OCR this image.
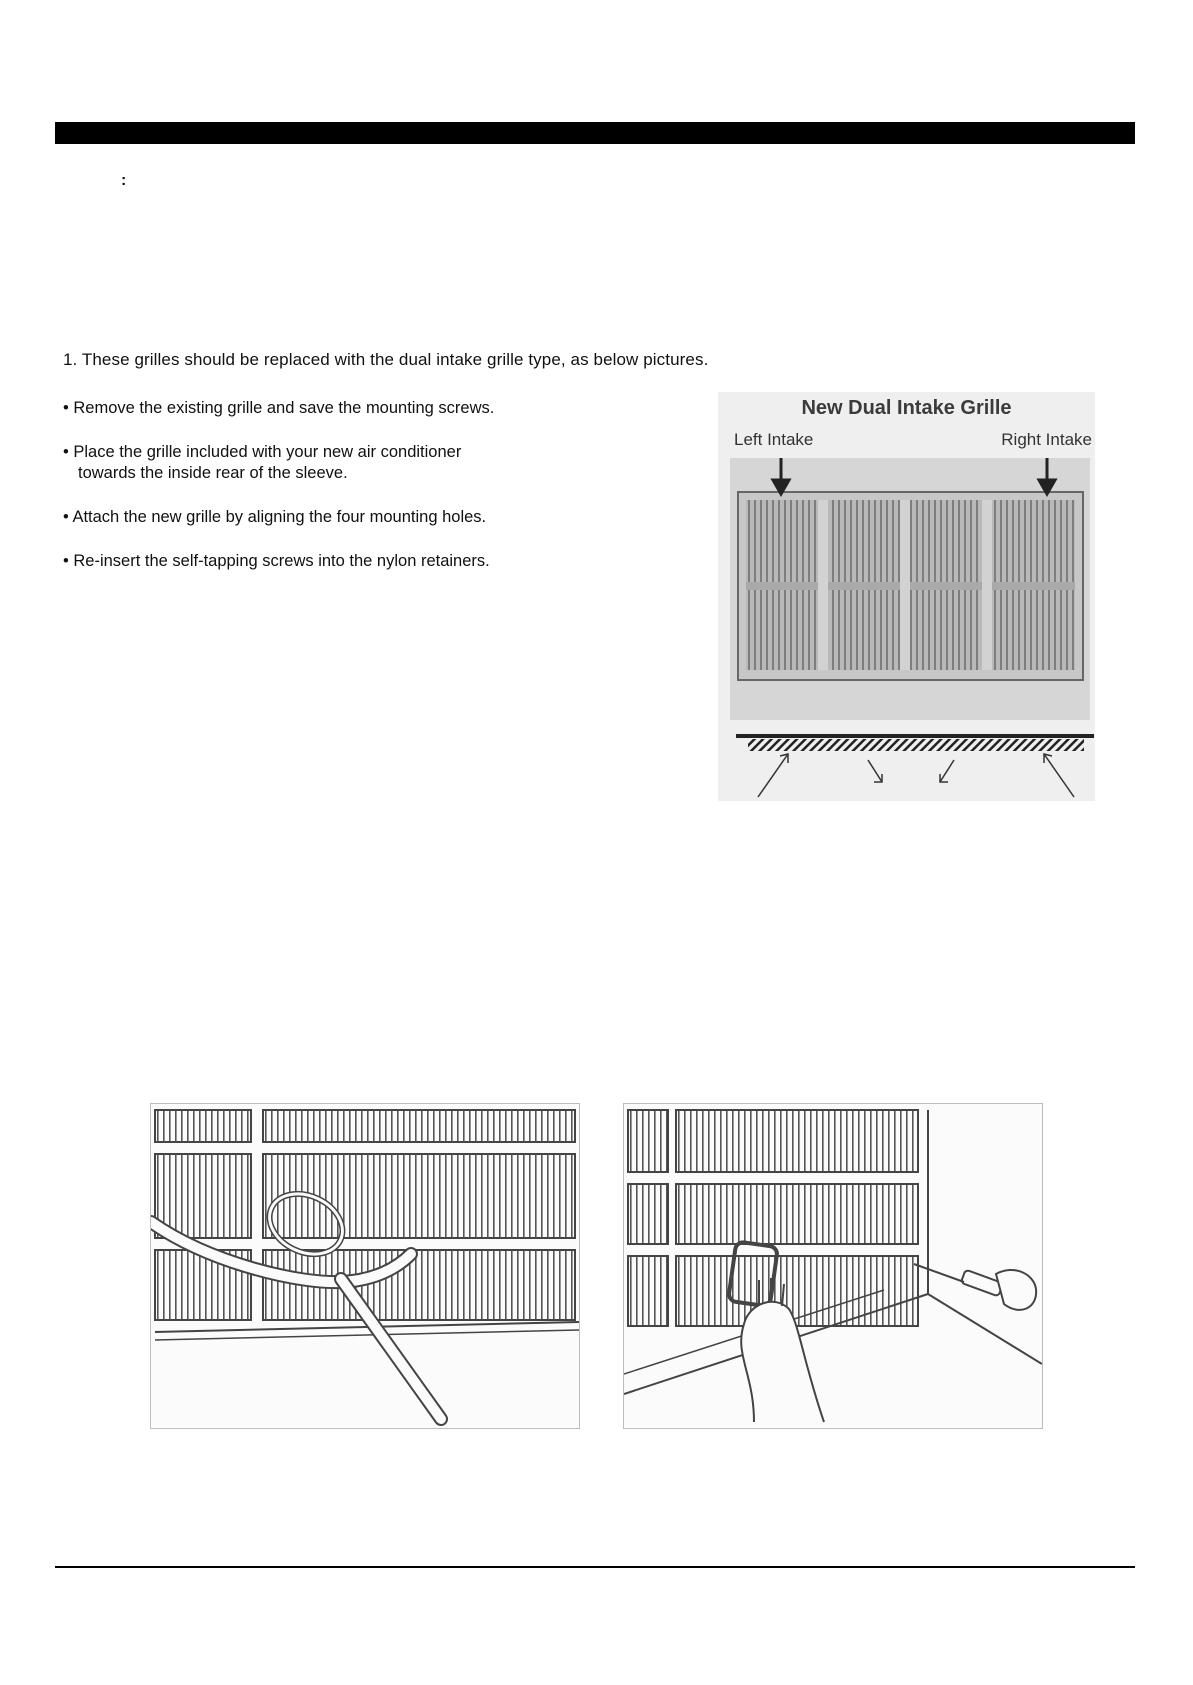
:
1. These grilles should be replaced with the dual intake grille type, as below pictures.
• Remove the existing grille and save the mounting screws.
• Place the grille included with your new air conditioner
towards the inside rear of the sleeve.
• Attach the new grille by aligning the four mounting holes.
• Re-insert the self-tapping screws into the nylon retainers.
New Dual Intake Grille
Left Intake	Right Intake
